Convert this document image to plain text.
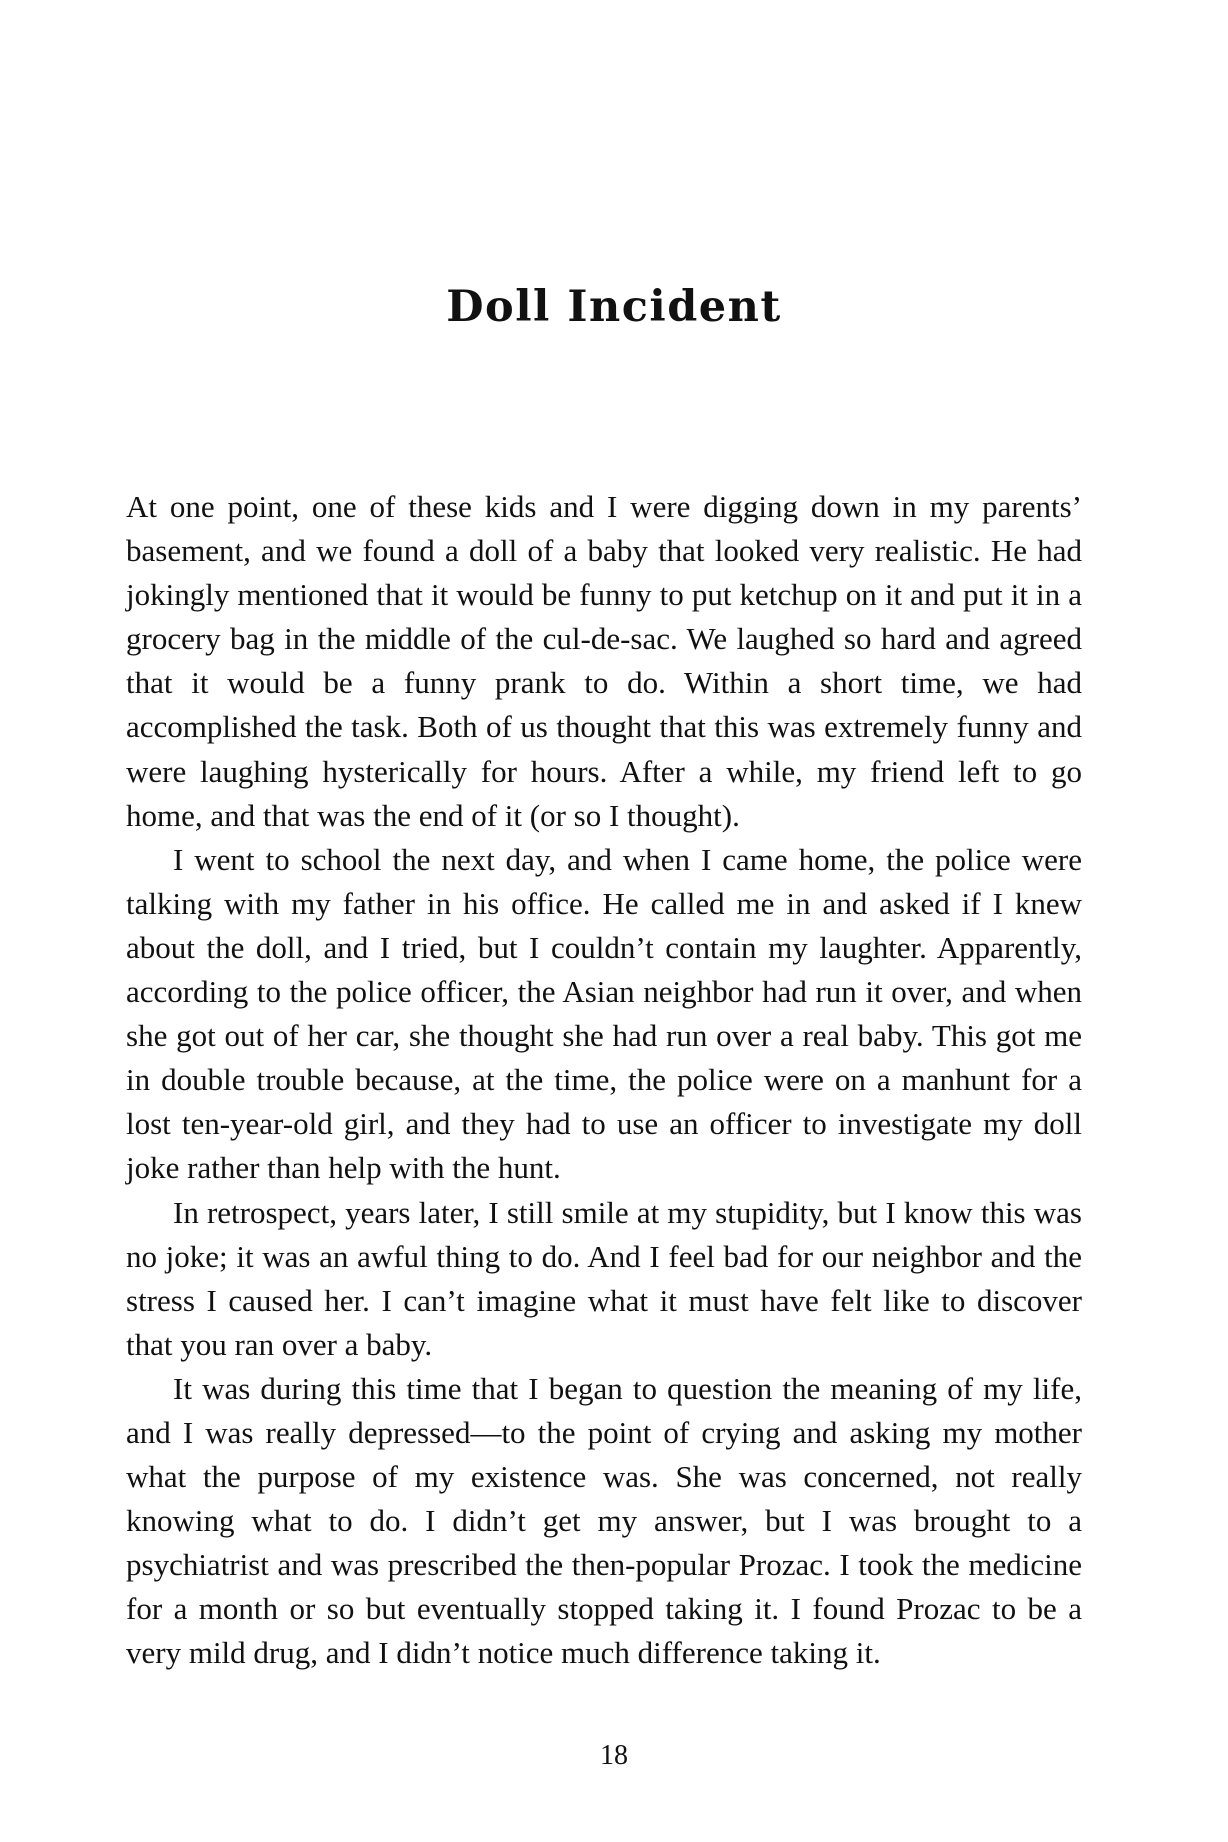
Doll Incident

At one point, one of these kids and I were digging down in my parents’ basement, and we found a doll of a baby that looked very realistic. He had jokingly mentioned that it would be funny to put ketchup on it and put it in a grocery bag in the middle of the cul-de-sac. We laughed so hard and agreed that it would be a funny prank to do. Within a short time, we had accomplished the task. Both of us thought that this was extremely funny and were laughing hysterically for hours. After a while, my friend left to go home, and that was the end of it (or so I thought).

I went to school the next day, and when I came home, the police were talking with my father in his office. He called me in and asked if I knew about the doll, and I tried, but I couldn’t contain my laughter. Apparently, according to the police officer, the Asian neighbor had run it over, and when she got out of her car, she thought she had run over a real baby. This got me in double trouble because, at the time, the police were on a manhunt for a lost ten-year-old girl, and they had to use an officer to investigate my doll joke rather than help with the hunt.

In retrospect, years later, I still smile at my stupidity, but I know this was no joke; it was an awful thing to do. And I feel bad for our neighbor and the stress I caused her. I can’t imagine what it must have felt like to discover that you ran over a baby.

It was during this time that I began to question the meaning of my life, and I was really depressed—to the point of crying and asking my mother what the purpose of my existence was. She was concerned, not really knowing what to do. I didn’t get my answer, but I was brought to a psychiatrist and was prescribed the then-popular Prozac. I took the medicine for a month or so but eventually stopped taking it. I found Prozac to be a very mild drug, and I didn’t notice much difference taking it.

18
